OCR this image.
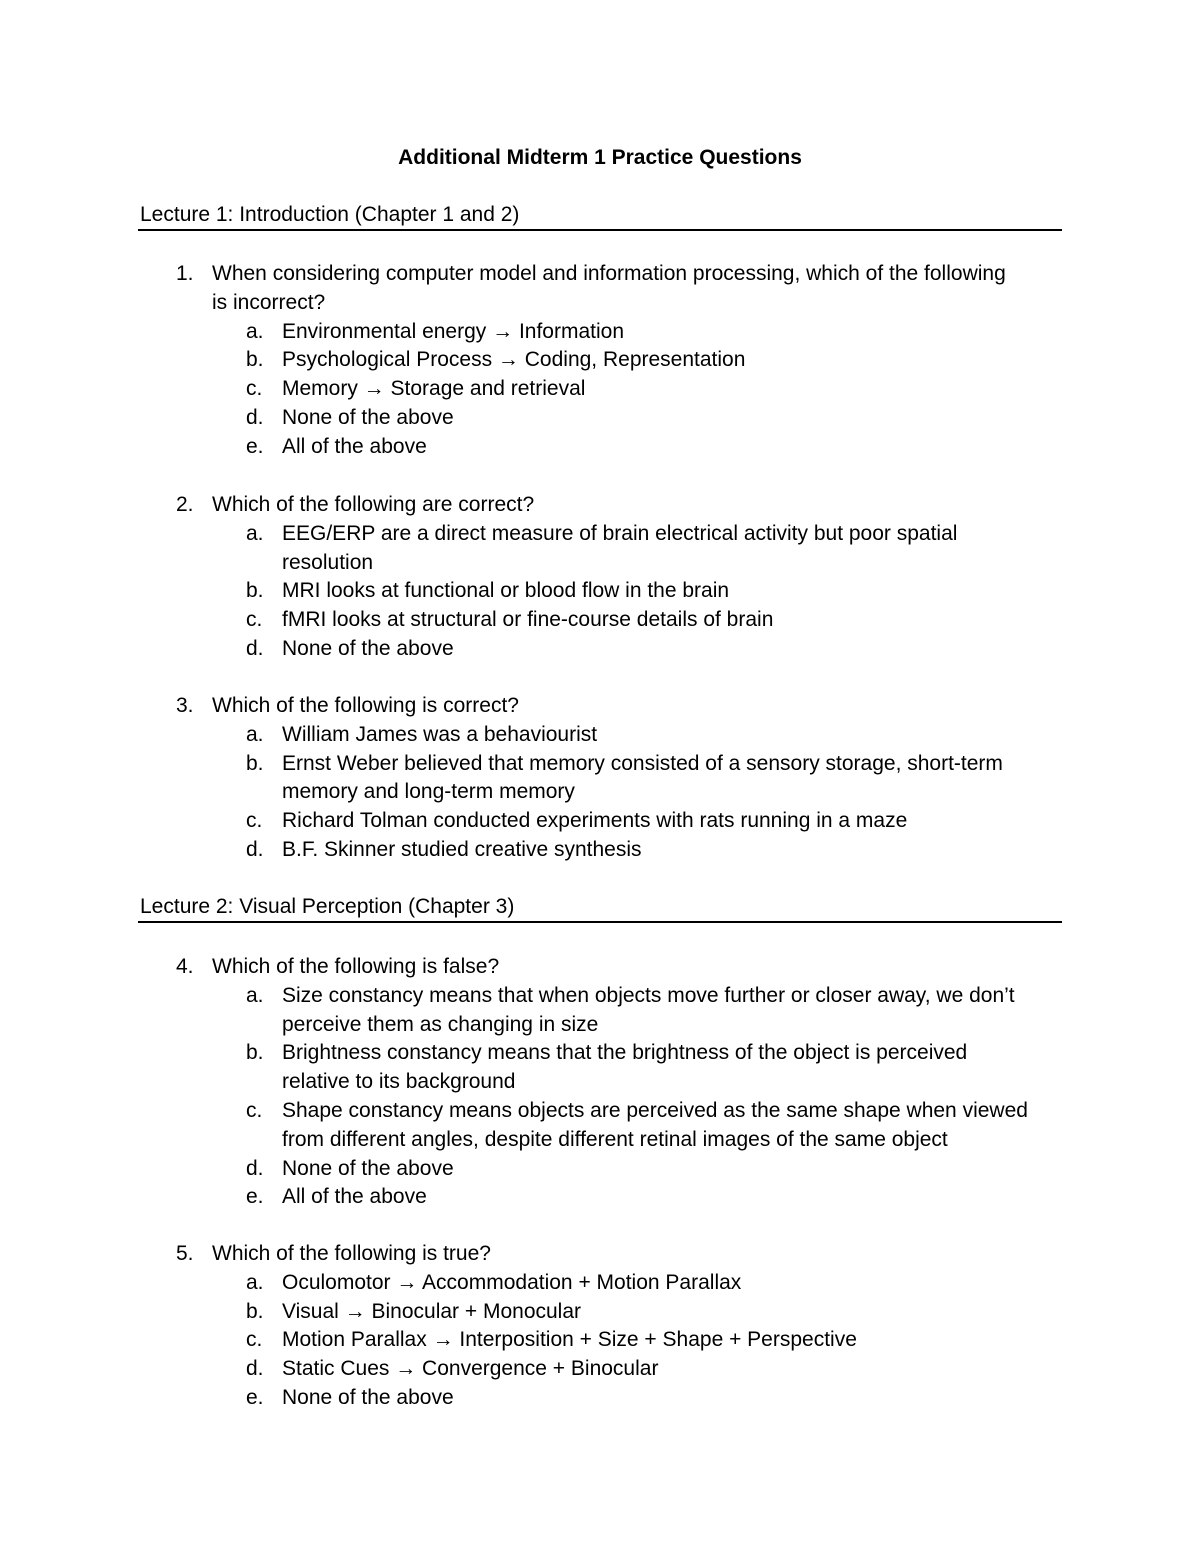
Additional Midterm 1 Practice Questions
Lecture 1: Introduction (Chapter 1 and 2)
1. When considering computer model and information processing, which of the following
is incorrect?
a. Environmental energy → Information
b. Psychological Process → Coding, Representation
c. Memory → Storage and retrieval
d. None of the above
e. All of the above
2. Which of the following are correct?
a. EEG/ERP are a direct measure of brain electrical activity but poor spatial
resolution
b. MRI looks at functional or blood flow in the brain
c. fMRI looks at structural or fine-course details of brain
d. None of the above
3. Which of the following is correct?
a. William James was a behaviourist
b. Ernst Weber believed that memory consisted of a sensory storage, short-term
memory and long-term memory
c. Richard Tolman conducted experiments with rats running in a maze
d. B.F. Skinner studied creative synthesis
Lecture 2: Visual Perception (Chapter 3)
4. Which of the following is false?
a. Size constancy means that when objects move further or closer away, we don’t
perceive them as changing in size
b. Brightness constancy means that the brightness of the object is perceived
relative to its background
c. Shape constancy means objects are perceived as the same shape when viewed
from different angles, despite different retinal images of the same object
d. None of the above
e. All of the above
5. Which of the following is true?
a. Oculomotor → Accommodation + Motion Parallax
b. Visual → Binocular + Monocular
c. Motion Parallax → Interposition + Size + Shape + Perspective
d. Static Cues → Convergence + Binocular
e. None of the above
